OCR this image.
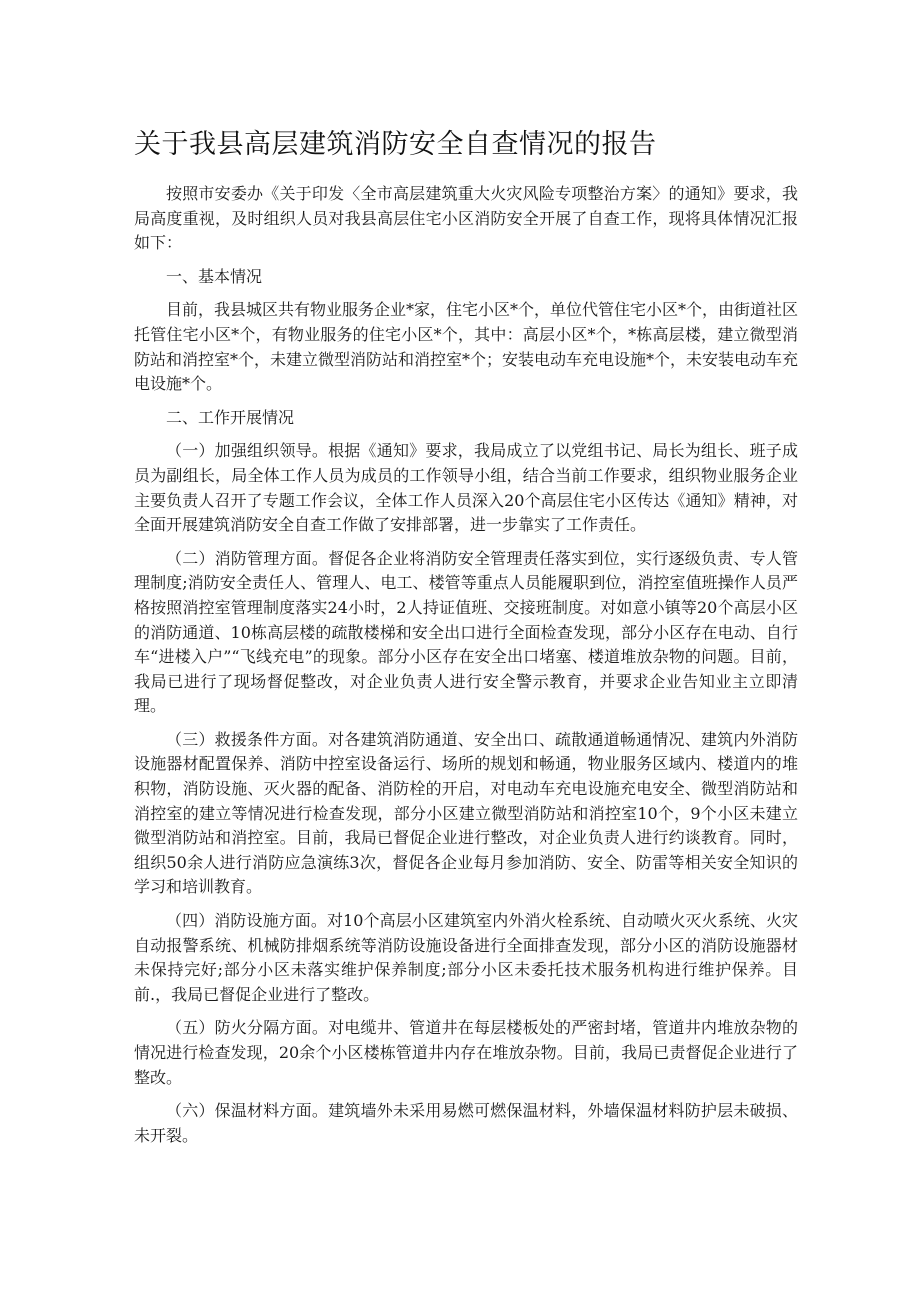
关于我县高层建筑消防安全自查情况的报告

按照市安委办《关于印发〈全市高层建筑重大火灾风险专项整治方案〉的通知》要求，我局高度重视，及时组织人员对我县高层住宅小区消防安全开展了自查工作，现将具体情况汇报如下：

一、基本情况

目前，我县城区共有物业服务企业*家，住宅小区*个，单位代管住宅小区*个，由街道社区托管住宅小区*个，有物业服务的住宅小区*个，其中：高层小区*个，*栋高层楼，建立微型消防站和消控室*个，未建立微型消防站和消控室*个；安装电动车充电设施*个，未安装电动车充电设施*个。

二、工作开展情况

（一）加强组织领导。根据《通知》要求，我局成立了以党组书记、局长为组长、班子成员为副组长，局全体工作人员为成员的工作领导小组，结合当前工作要求，组织物业服务企业主要负责人召开了专题工作会议，全体工作人员深入20个高层住宅小区传达《通知》精神，对全面开展建筑消防安全自查工作做了安排部署，进一步靠实了工作责任。

（二）消防管理方面。督促各企业将消防安全管理责任落实到位，实行逐级负责、专人管理制度;消防安全责任人、管理人、电工、楼管等重点人员能履职到位，消控室值班操作人员严格按照消控室管理制度落实24小时，2人持证值班、交接班制度。对如意小镇等20个高层小区的消防通道、10栋高层楼的疏散楼梯和安全出口进行全面检查发现，部分小区存在电动、自行车“进楼入户”“飞线充电”的现象。部分小区存在安全出口堵塞、楼道堆放杂物的问题。目前，我局已进行了现场督促整改，对企业负责人进行安全警示教育，并要求企业告知业主立即清理。

（三）救援条件方面。对各建筑消防通道、安全出口、疏散通道畅通情况、建筑内外消防设施器材配置保养、消防中控室设备运行、场所的规划和畅通，物业服务区域内、楼道内的堆积物，消防设施、灭火器的配备、消防栓的开启，对电动车充电设施充电安全、微型消防站和消控室的建立等情况进行检查发现，部分小区建立微型消防站和消控室10个，9个小区未建立微型消防站和消控室。目前，我局已督促企业进行整改，对企业负责人进行约谈教育。同时，组织50余人进行消防应急演练3次，督促各企业每月参加消防、安全、防雷等相关安全知识的学习和培训教育。

（四）消防设施方面。对10个高层小区建筑室内外消火栓系统、自动喷火灭火系统、火灾自动报警系统、机械防排烟系统等消防设施设备进行全面排查发现，部分小区的消防设施器材未保持完好;部分小区未落实维护保养制度;部分小区未委托技术服务机构进行维护保养。目前.，我局已督促企业进行了整改。

（五）防火分隔方面。对电缆井、管道井在每层楼板处的严密封堵，管道井内堆放杂物的情况进行检查发现，20余个小区楼栋管道井内存在堆放杂物。目前，我局已责督促企业进行了整改。

（六）保温材料方面。建筑墙外未采用易燃可燃保温材料，外墙保温材料防护层未破损、未开裂。
